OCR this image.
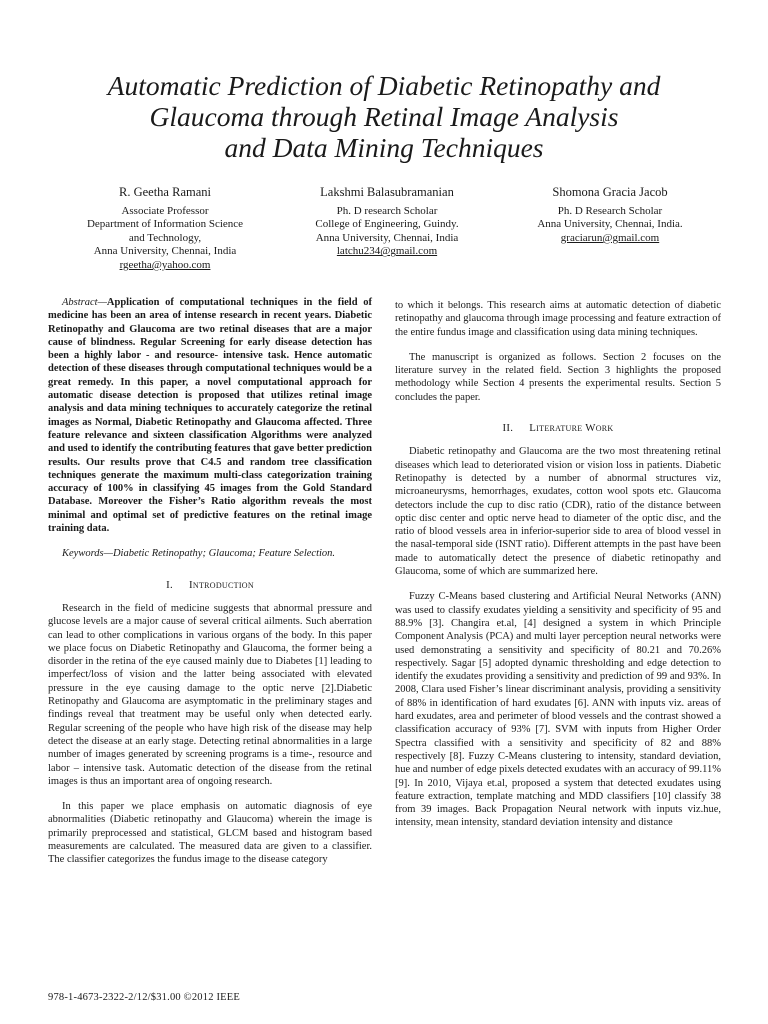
Automatic Prediction of Diabetic Retinopathy and
Glaucoma through Retinal Image Analysis
and Data Mining Techniques
R. Geetha Ramani
Associate Professor
Department of Information Science
and Technology,
Anna University, Chennai, India
rgeetha@yahoo.com
Lakshmi Balasubramanian
Ph. D research Scholar
College of Engineering, Guindy.
Anna University, Chennai, India
latchu234@gmail.com
Shomona Gracia Jacob
Ph. D Research Scholar
Anna University, Chennai, India.
graciarun@gmail.com

Abstract—Application of computational techniques in the field of medicine has been an area of intense research in recent years. Diabetic Retinopathy and Glaucoma are two retinal diseases that are a major cause of blindness. Regular Screening for early disease detection has been a highly labor - and resource- intensive task. Hence automatic detection of these diseases through computational techniques would be a great remedy. In this paper, a novel computational approach for automatic disease detection is proposed that utilizes retinal image analysis and data mining techniques to accurately categorize the retinal images as Normal, Diabetic Retinopathy and Glaucoma affected. Three feature relevance and sixteen classification Algorithms were analyzed and used to identify the contributing features that gave better prediction results. Our results prove that C4.5 and random tree classification techniques generate the maximum multi-class categorization training accuracy of 100% in classifying 45 images from the Gold Standard Database. Moreover the Fisher’s Ratio algorithm reveals the most minimal and optimal set of predictive features on the retinal image training data.

Keywords—Diabetic Retinopathy; Glaucoma; Feature Selection.

I. Introduction

Research in the field of medicine suggests that abnormal pressure and glucose levels are a major cause of several critical ailments. Such aberration can lead to other complications in various organs of the body. In this paper we place focus on Diabetic Retinopathy and Glaucoma, the former being a disorder in the retina of the eye caused mainly due to Diabetes [1] leading to imperfect/loss of vision and the latter being associated with elevated pressure in the eye causing damage to the optic nerve [2].Diabetic Retinopathy and Glaucoma are asymptomatic in the preliminary stages and findings reveal that treatment may be useful only when detected early. Regular screening of the people who have high risk of the disease may help detect the disease at an early stage. Detecting retinal abnormalities in a large number of images generated by screening programs is a time-, resource and labor – intensive task. Automatic detection of the disease from the retinal images is thus an important area of ongoing research.

In this paper we place emphasis on automatic diagnosis of eye abnormalities (Diabetic retinopathy and Glaucoma) wherein the image is primarily preprocessed and statistical, GLCM based and histogram based measurements are calculated. The measured data are given to a classifier. The classifier categorizes the fundus image to the disease category

to which it belongs. This research aims at automatic detection of diabetic retinopathy and glaucoma through image processing and feature extraction of the entire fundus image and classification using data mining techniques.

The manuscript is organized as follows. Section 2 focuses on the literature survey in the related field. Section 3 highlights the proposed methodology while Section 4 presents the experimental results. Section 5 concludes the paper.

II. Literature Work

Diabetic retinopathy and Glaucoma are the two most threatening retinal diseases which lead to deteriorated vision or vision loss in patients. Diabetic Retinopathy is detected by a number of abnormal structures viz, microaneurysms, hemorrhages, exudates, cotton wool spots etc. Glaucoma detectors include the cup to disc ratio (CDR), ratio of the distance between optic disc center and optic nerve head to diameter of the optic disc, and the ratio of blood vessels area in inferior-superior side to area of blood vessel in the nasal-temporal side (ISNT ratio). Different attempts in the past have been made to automatically detect the presence of diabetic retinopathy and Glaucoma, some of which are summarized here.

Fuzzy C-Means based clustering and Artificial Neural Networks (ANN) was used to classify exudates yielding a sensitivity and specificity of 95 and 88.9% [3]. Changira et.al, [4] designed a system in which Principle Component Analysis (PCA) and multi layer perception neural networks were used demonstrating a sensitivity and specificity of 80.21 and 70.26% respectively. Sagar [5] adopted dynamic thresholding and edge detection to identify the exudates providing a sensitivity and prediction of 99 and 93%. In 2008, Clara used Fisher’s linear discriminant analysis, providing a sensitivity of 88% in identification of hard exudates [6]. ANN with inputs viz. areas of hard exudates, area and perimeter of blood vessels and the contrast showed a classification accuracy of 93% [7]. SVM with inputs from Higher Order Spectra classified with a sensitivity and specificity of 82 and 88% respectively [8]. Fuzzy C-Means clustering to intensity, standard deviation, hue and number of edge pixels detected exudates with an accuracy of 99.11% [9]. In 2010, Vijaya et.al, proposed a system that detected exudates using feature extraction, template matching and MDD classifiers [10] classify 38 from 39 images. Back Propagation Neural network with inputs viz.hue, intensity, mean intensity, standard deviation intensity and distance

978-1-4673-2322-2/12/$31.00 ©2012 IEEE
